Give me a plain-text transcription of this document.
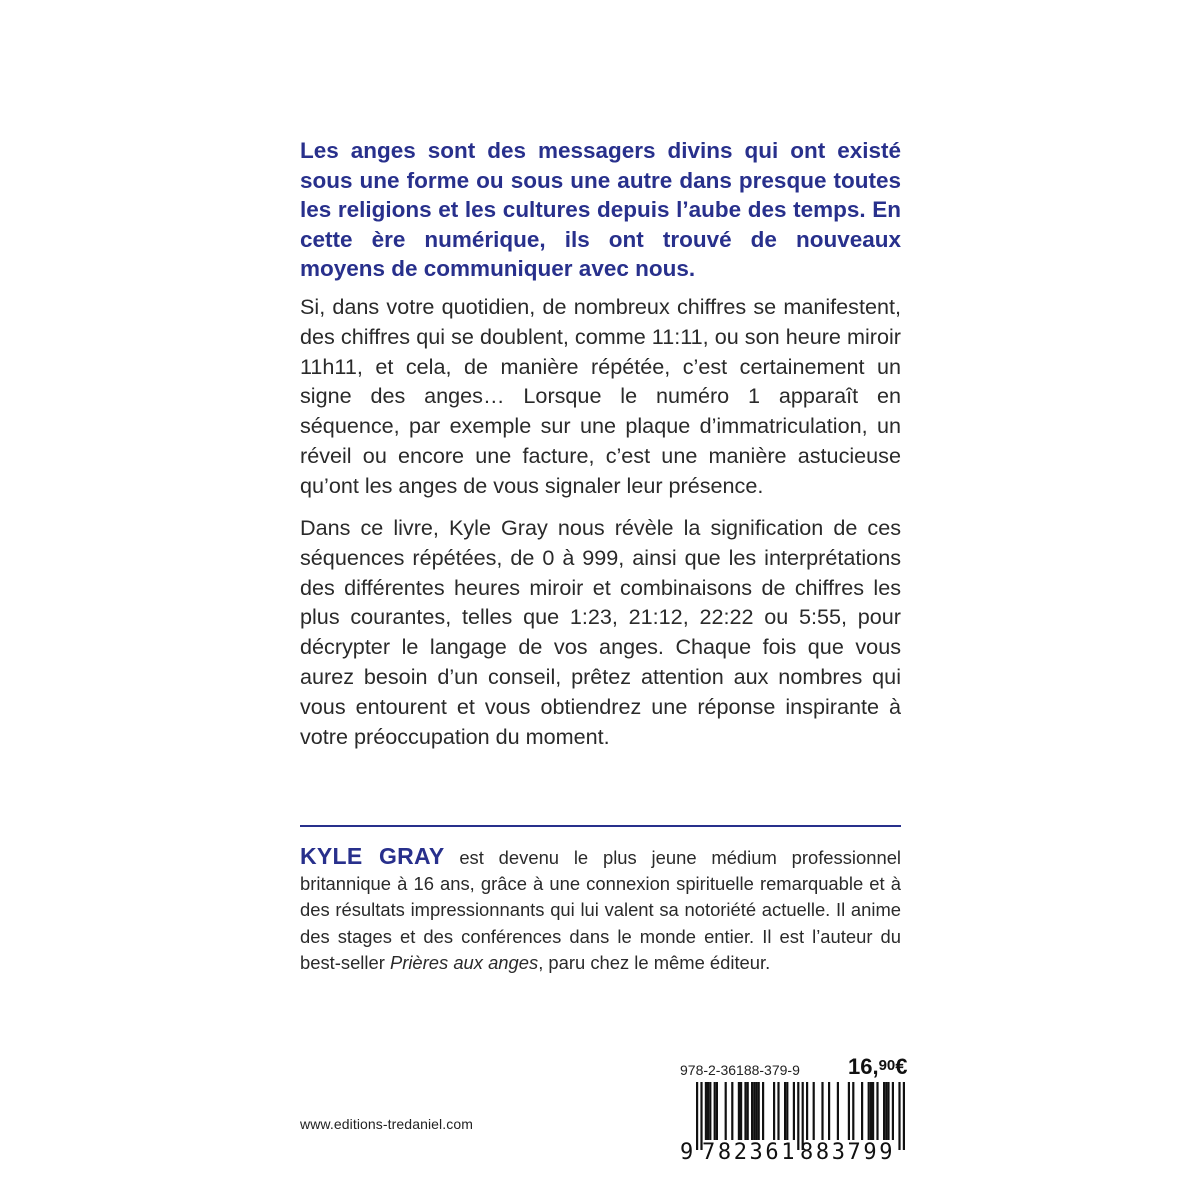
Les anges sont des messagers divins qui ont existé sous une forme ou sous une autre dans presque toutes les religions et les cultures depuis l’aube des temps. En cette ère numérique, ils ont trouvé de nouveaux moyens de communiquer avec nous.

Si, dans votre quotidien, de nombreux chiffres se manifestent, des chiffres qui se doublent, comme 11:11, ou son heure miroir 11h11, et cela, de manière répétée, c’est certainement un signe des anges… Lorsque le numéro 1 apparaît en séquence, par exemple sur une plaque d’immatriculation, un réveil ou encore une facture, c’est une manière astucieuse qu’ont les anges de vous signaler leur présence.

Dans ce livre, Kyle Gray nous révèle la signification de ces séquences répétées, de 0 à 999, ainsi que les interprétations des différentes heures miroir et combinaisons de chiffres les plus courantes, telles que 1:23, 21:12, 22:22 ou 5:55, pour décrypter le langage de vos anges. Chaque fois que vous aurez besoin d’un conseil, prêtez attention aux nombres qui vous entourent et vous obtiendrez une réponse inspirante à votre préoccupation du moment.

KYLE GRAY est devenu le plus jeune médium professionnel britannique à 16 ans, grâce à une connexion spirituelle remarquable et à des résultats impressionnants qui lui valent sa notoriété actuelle. Il anime des stages et des conférences dans le monde entier. Il est l’auteur du best-seller Prières aux anges, paru chez le même éditeur.

978-2-36188-379-9 16,90€
9 782361 883799
www.editions-tredaniel.com
